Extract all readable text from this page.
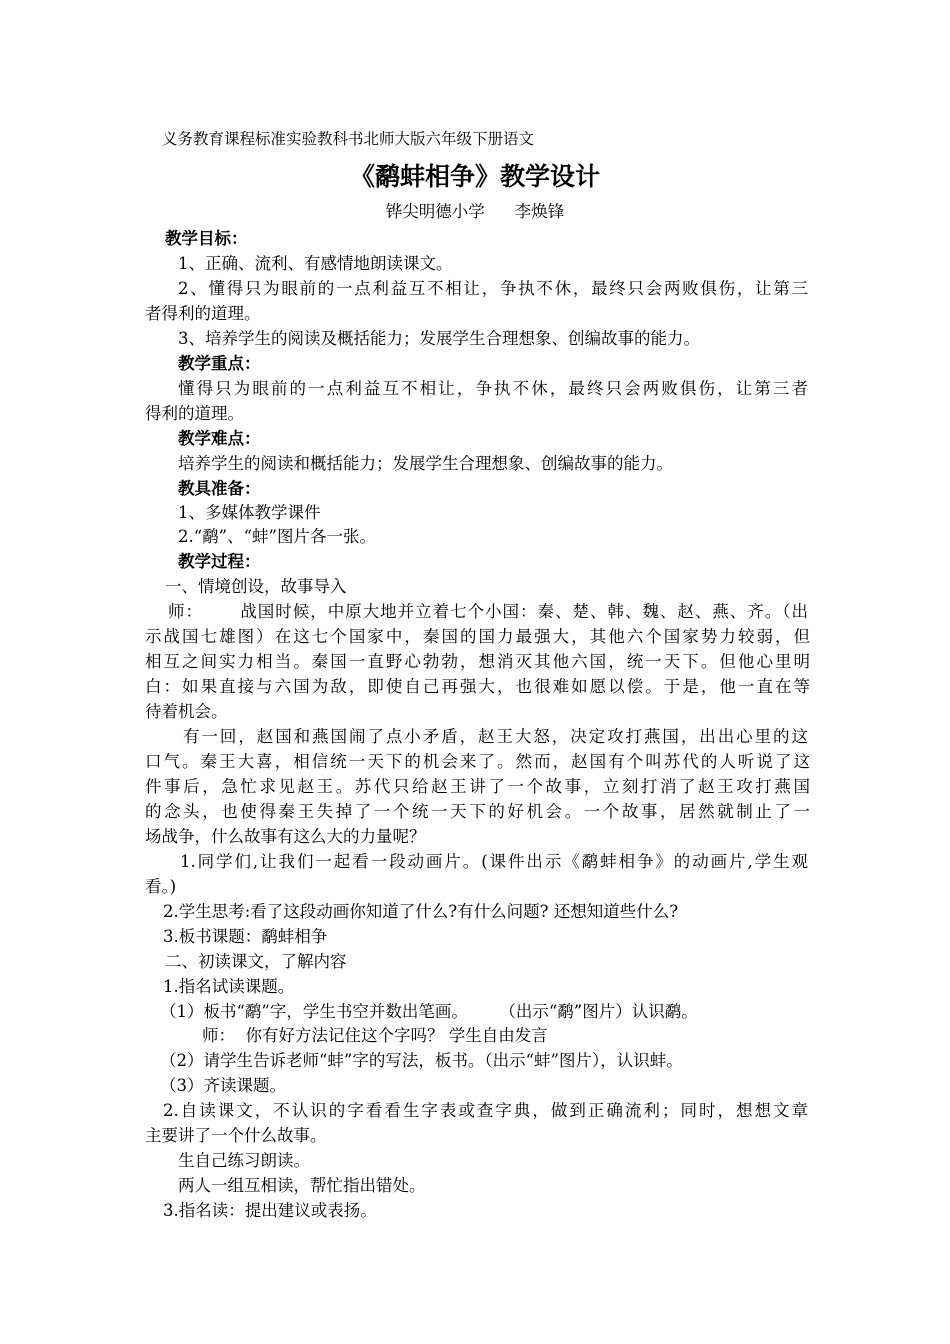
义务教育课程标准实验教科书北师大版六年级下册语文
《鹬蚌相争》教学设计
铧尖明德小学 李焕锋
教学目标：
1、正确、流利、有感情地朗读课文。
2、懂得只为眼前的一点利益互不相让，争执不休，最终只会两败俱伤，让第三
者得利的道理。
3、培养学生的阅读及概括能力；发展学生合理想象、创编故事的能力。
教学重点：
懂得只为眼前的一点利益互不相让，争执不休，最终只会两败俱伤，让第三者
得利的道理。
教学难点：
培养学生的阅读和概括能力；发展学生合理想象、创编故事的能力。
教具准备：
1、多媒体教学课件
2.“鹬”、“蚌”图片各一张。
教学过程：
一、情境创设，故事导入
师：      战国时候，中原大地并立着七个小国：秦、楚、韩、魏、赵、燕、齐。（出
示战国七雄图）在这七个国家中，秦国的国力最强大，其他六个国家势力较弱，但
相互之间实力相当。秦国一直野心勃勃，想消灭其他六国，统一天下。但他心里明
白：如果直接与六国为敌，即使自己再强大，也很难如愿以偿。于是，他一直在等
待着机会。
有一回，赵国和燕国闹了点小矛盾，赵王大怒，决定攻打燕国，出出心里的这
口气。秦王大喜，相信统一天下的机会来了。然而，赵国有个叫苏代的人听说了这
件事后，急忙求见赵王。苏代只给赵王讲了一个故事，立刻打消了赵王攻打燕国
的念头，也使得秦王失掉了一个统一天下的好机会。一个故事，居然就制止了一
场战争，什么故事有这么大的力量呢？
1.同学们,让我们一起看一段动画片。(课件出示《鹬蚌相争》的动画片,学生观
看。)
2.学生思考:看了这段动画你知道了什么?有什么问题? 还想知道些什么?
3.板书课题：鹬蚌相争
二、初读课文，了解内容
1.指名试读课题。
（1）板书“鹬”字，学生书空并数出笔画。      （出示“鹬”图片）认识鹬。
师：  你有好方法记住这个字吗？ 学生自由发言
（2）请学生告诉老师“蚌”字的写法，板书。（出示“蚌”图片），认识蚌。
（3）齐读课题。
2.自读课文，不认识的字看看生字表或查字典，做到正确流利；同时，想想文章
主要讲了一个什么故事。
生自己练习朗读。
两人一组互相读，帮忙指出错处。
3.指名读：提出建议或表扬。
